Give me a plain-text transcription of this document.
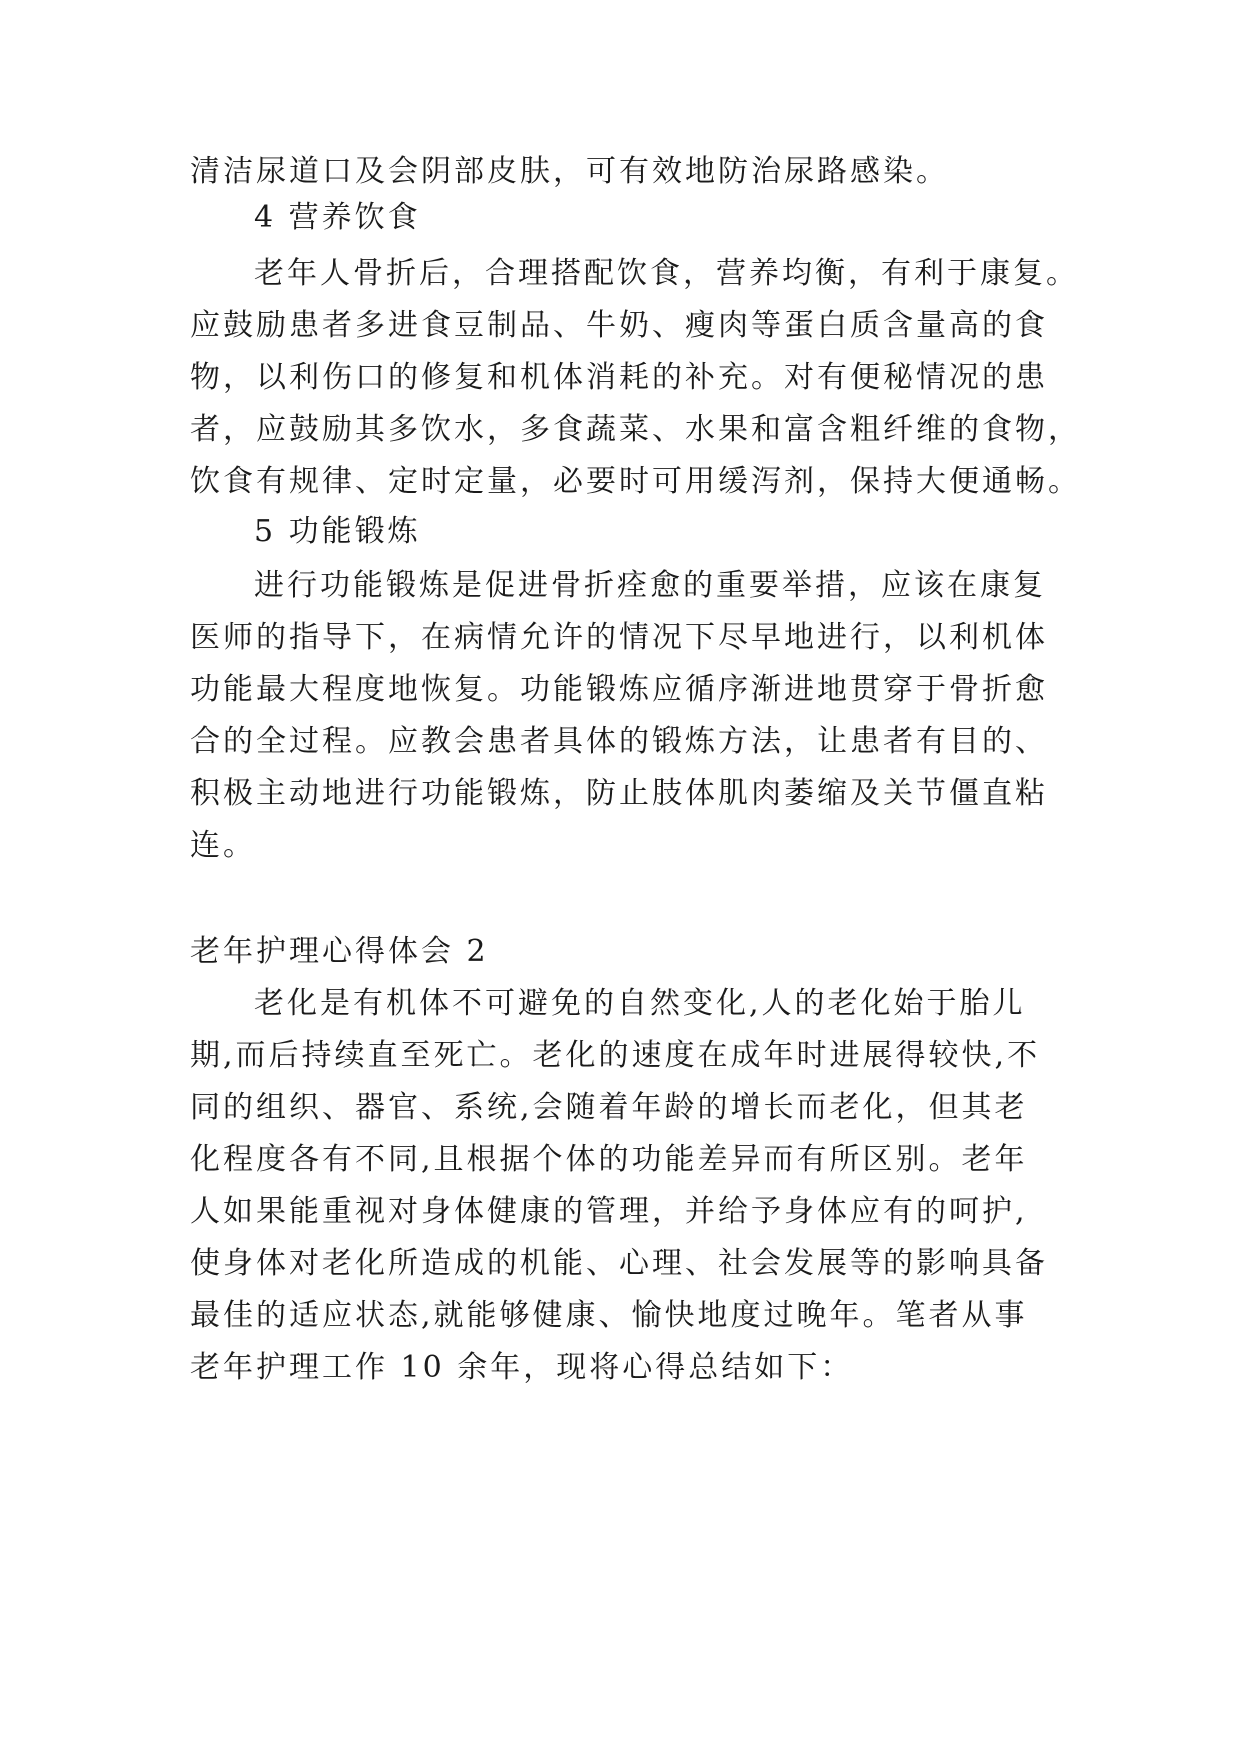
清洁尿道口及会阴部皮肤，可有效地防治尿路感染。
4 营养饮食
老年人骨折后，合理搭配饮食，营养均衡，有利于康复。
应鼓励患者多进食豆制品、牛奶、瘦肉等蛋白质含量高的食
物，以利伤口的修复和机体消耗的补充。对有便秘情况的患
者，应鼓励其多饮水，多食蔬菜、水果和富含粗纤维的食物，
饮食有规律、定时定量，必要时可用缓泻剂，保持大便通畅。
5 功能锻炼
进行功能锻炼是促进骨折痊愈的重要举措，应该在康复
医师的指导下，在病情允许的情况下尽早地进行，以利机体
功能最大程度地恢复。功能锻炼应循序渐进地贯穿于骨折愈
合的全过程。应教会患者具体的锻炼方法，让患者有目的、
积极主动地进行功能锻炼，防止肢体肌肉萎缩及关节僵直粘
连。
老年护理心得体会 2
老化是有机体不可避免的自然变化,人的老化始于胎儿
期,而后持续直至死亡。老化的速度在成年时进展得较快,不
同的组织、器官、系统,会随着年龄的增长而老化，但其老
化程度各有不同,且根据个体的功能差异而有所区别。老年
人如果能重视对身体健康的管理，并给予身体应有的呵护,
使身体对老化所造成的机能、心理、社会发展等的影响具备
最佳的适应状态,就能够健康、愉快地度过晚年。笔者从事
老年护理工作 10 余年，现将心得总结如下：
